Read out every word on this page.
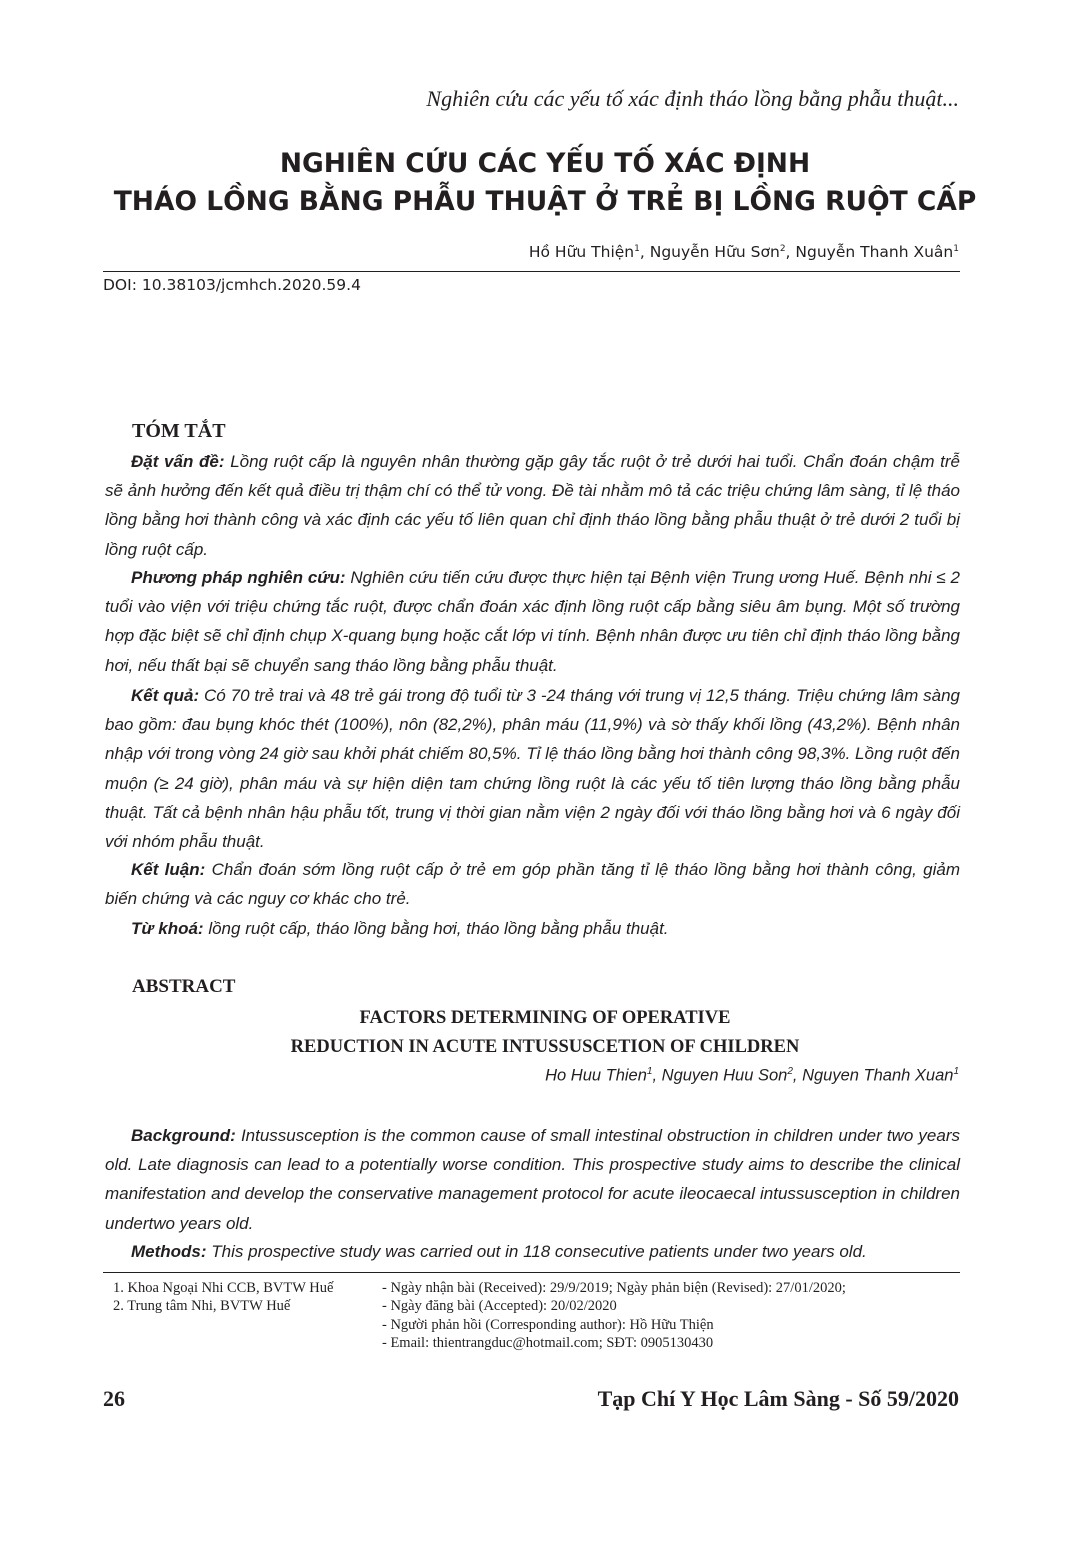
Nghiên cứu các yếu tố xác định tháo lồng bằng phẫu thuật...
NGHIÊN CỨU CÁC YẾU TỐ XÁC ĐỊNH
THÁO LỒNG BẰNG PHẪU THUẬT Ở TRẺ BỊ LỒNG RUỘT CẤP
Hồ Hữu Thiện$^1$, Nguyễn Hữu Sơn$^2$, Nguyễn Thanh Xuân$^1$
DOI: 10.38103/jcmhch.2020.59.4
TÓM TẮT

Đặt vấn đề: Lồng ruột cấp là nguyên nhân thường gặp gây tắc ruột ở trẻ dưới hai tuổi. Chẩn đoán chậm trễ sẽ ảnh hưởng đến kết quả điều trị thậm chí có thể tử vong. Đề tài nhằm mô tả các triệu chứng lâm sàng, tỉ lệ tháo lồng bằng hơi thành công và xác định các yếu tố liên quan chỉ định tháo lồng bằng phẫu thuật ở trẻ dưới 2 tuổi bị lồng ruột cấp.

Phương pháp nghiên cứu: Nghiên cứu tiến cứu được thực hiện tại Bệnh viện Trung ương Huế. Bệnh nhi ≤ 2 tuổi vào viện với triệu chứng tắc ruột, được chẩn đoán xác định lồng ruột cấp bằng siêu âm bụng. Một số trường hợp đặc biệt sẽ chỉ định chụp X-quang bụng hoặc cắt lớp vi tính. Bệnh nhân được ưu tiên chỉ định tháo lồng bằng hơi, nếu thất bại sẽ chuyển sang tháo lồng bằng phẫu thuật.

Kết quả: Có 70 trẻ trai và 48 trẻ gái trong độ tuổi từ 3 -24 tháng với trung vị 12,5 tháng. Triệu chứng lâm sàng bao gồm: đau bụng khóc thét (100%), nôn (82,2%), phân máu (11,9%) và sờ thấy khối lồng (43,2%). Bệnh nhân nhập với trong vòng 24 giờ sau khởi phát chiếm 80,5%. Tỉ lệ tháo lồng bằng hơi thành công 98,3%. Lồng ruột đến muộn (≥ 24 giờ), phân máu và sự hiện diện tam chứng lồng ruột là các yếu tố tiên lượng tháo lồng bằng phẫu thuật. Tất cả bệnh nhân hậu phẫu tốt, trung vị thời gian nằm viện 2 ngày đối với tháo lồng bằng hơi và 6 ngày đối với nhóm phẫu thuật.

Kết luận: Chẩn đoán sớm lồng ruột cấp ở trẻ em góp phần tăng tỉ lệ tháo lồng bằng hơi thành công, giảm biến chứng và các nguy cơ khác cho trẻ.

Từ khoá: lồng ruột cấp, tháo lồng bằng hơi, tháo lồng bằng phẫu thuật.

ABSTRACT
FACTORS DETERMINING OF OPERATIVE
REDUCTION IN ACUTE INTUSSUSCETION OF CHILDREN
Ho Huu Thien$^1$, Nguyen Huu Son$^2$, Nguyen Thanh Xuan$^1$

Background: Intussusception is the common cause of small intestinal obstruction in children under two years old. Late diagnosis can lead to a potentially worse condition. This prospective study aims to describe the clinical manifestation and develop the conservative management protocol for acute ileocaecal intussusception in children undertwo years old.

Methods: This prospective study was carried out in 118 consecutive patients under two years old.

1. Khoa Ngoại Nhi CCB, BVTW Huế
2. Trung tâm Nhi, BVTW Huế
- Ngày nhận bài (Received): 29/9/2019; Ngày phản biện (Revised): 27/01/2020;
- Ngày đăng bài (Accepted): 20/02/2020
- Người phản hồi (Corresponding author): Hồ Hữu Thiện
- Email: thientrangduc@hotmail.com; SĐT: 0905130430
26	Tạp Chí Y Học Lâm Sàng - Số 59/2020
